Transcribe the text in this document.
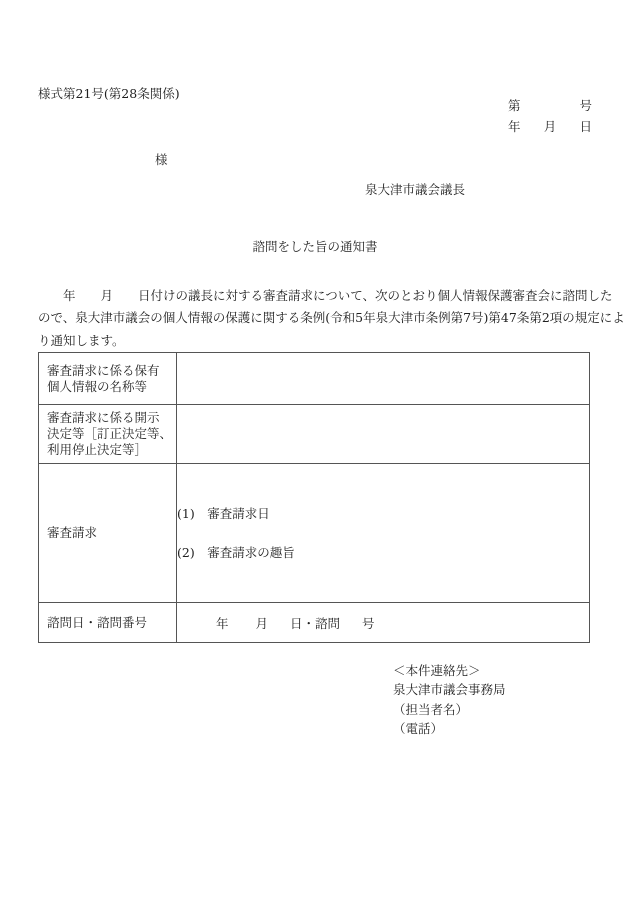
様式第21号(第28条関係)
第	号
年 月 日
様
泉大津市議会議長
諮問をした旨の通知書
　　年　　月　　日付けの議長に対する審査請求について、次のとおり個人情報保護審査会に諮問した
ので、泉大津市議会の個人情報の保護に関する条例(令和5年泉大津市条例第7号)第47条第2項の規定によ
り通知します。
審査請求に係る保有
個人情報の名称等	

審査請求に係る開示
決定等［訂正決定等、
利用停止決定等］	

審査請求	(1)　審査請求日
(2)　審査請求の趣旨

諮問日・諮問番号	年 月 日・諮問 号
＜本件連絡先＞
泉大津市議会事務局
（担当者名）
（電話）
